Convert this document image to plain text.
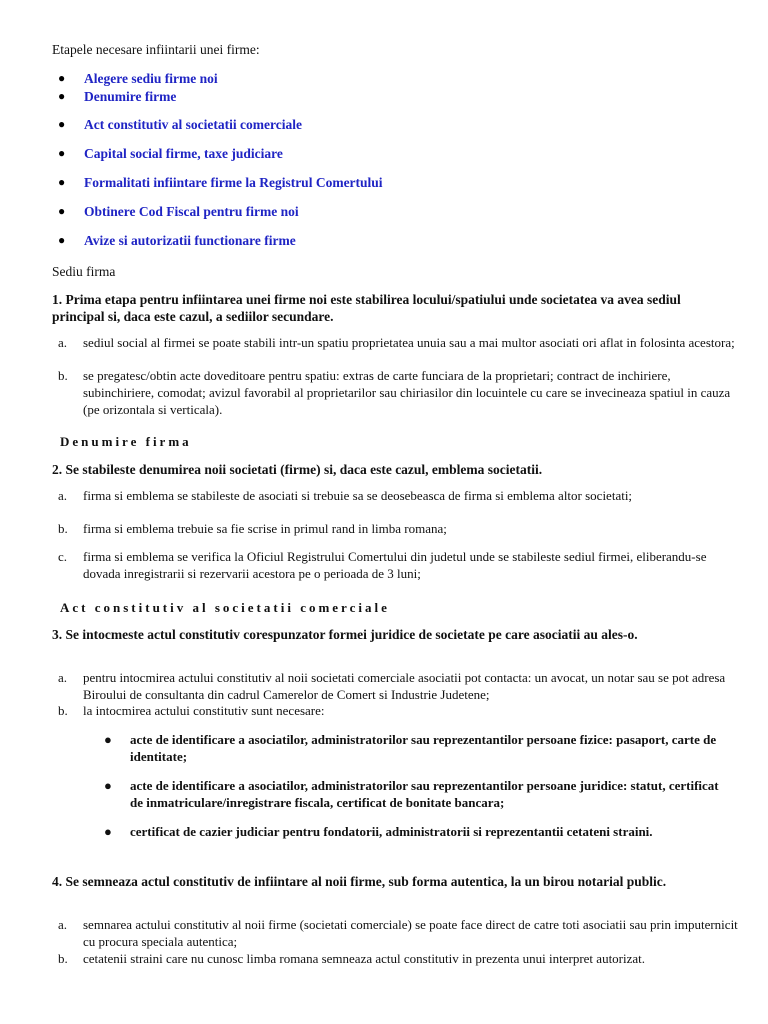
Etapele necesare infiintarii unei firme:

● Alegere sediu firme noi
● Denumire firme
● Act constitutiv al societatii comerciale
● Capital social firme, taxe judiciare
● Formalitati infiintare firme la Registrul Comertului
● Obtinere Cod Fiscal pentru firme noi
● Avize si autorizatii functionare firme

Sediu firma

1. Prima etapa pentru infiintarea unei firme noi este stabilirea locului/spatiului unde societatea va avea sediul principal si, daca este cazul, a sediilor secundare.

a. sediul social al firmei se poate stabili intr-un spatiu proprietatea unuia sau a mai multor asociati ori aflat in folosinta acestora;
b. se pregatesc/obtin acte doveditoare pentru spatiu: extras de carte funciara de la proprietari; contract de inchiriere, subinchiriere, comodat; avizul favorabil al proprietarilor sau chiriasilor din locuintele cu care se invecineaza spatiul in cauza (pe orizontala si verticala).

Denumire firma

2. Se stabileste denumirea noii societati (firme) si, daca este cazul, emblema societatii.

a. firma si emblema se stabileste de asociati si trebuie sa se deosebeasca de firma si emblema altor societati;
b. firma si emblema trebuie sa fie scrise in primul rand in limba romana;
c. firma si emblema se verifica la Oficiul Registrului Comertului din judetul unde se stabileste sediul firmei, eliberandu-se dovada inregistrarii si rezervarii acestora pe o perioada de 3 luni;

Act constitutiv al societatii comerciale

3. Se intocmeste actul constitutiv corespunzator formei juridice de societate pe care asociatii au ales-o.

a. pentru intocmirea actului constitutiv al noii societati comerciale asociatii pot contacta: un avocat, un notar sau se pot adresa Biroului de consultanta din cadrul Camerelor de Comert si Industrie Judetene;
b. la intocmirea actului constitutiv sunt necesare:
● acte de identificare a asociatilor, administratorilor sau reprezentantilor persoane fizice: pasaport, carte de identitate;
● acte de identificare a asociatilor, administratorilor sau reprezentantilor persoane juridice: statut, certificat de inmatriculare/inregistrare fiscala, certificat de bonitate bancara;
● certificat de cazier judiciar pentru fondatorii, administratorii si reprezentantii cetateni straini.

4. Se semneaza actul constitutiv de infiintare al noii firme, sub forma autentica, la un birou notarial public.

a. semnarea actului constitutiv al noii firme (societati comerciale) se poate face direct de catre toti asociatii sau prin imputernicit cu procura speciala autentica;
b. cetatenii straini care nu cunosc limba romana semneaza actul constitutiv in prezenta unui interpret autorizat.
